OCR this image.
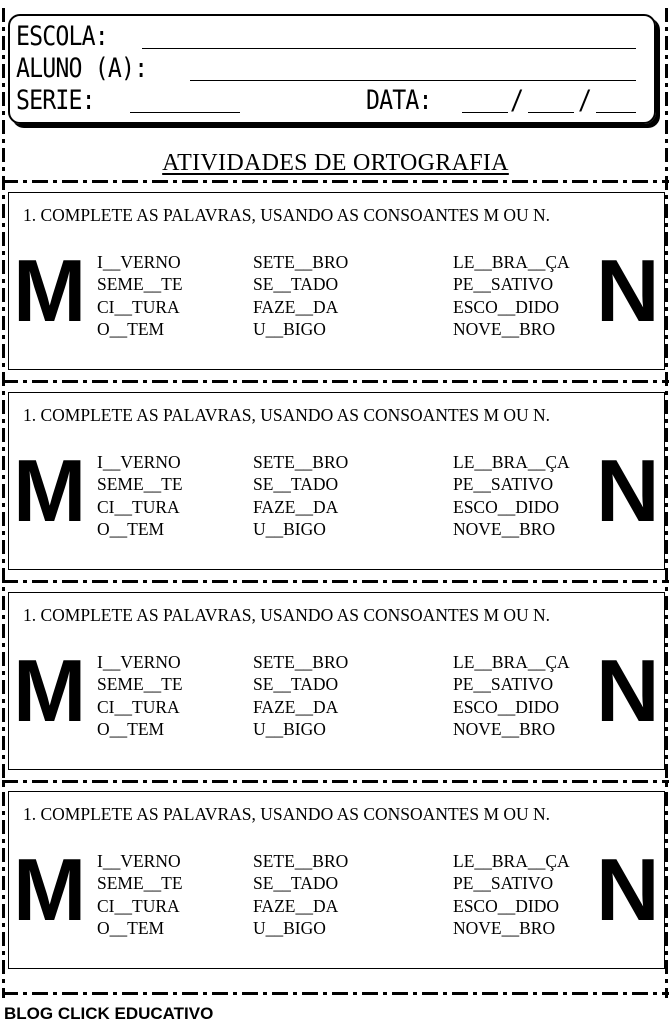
ESCOLA:
ALUNO (A):
SERIE:	DATA:	/ /
ATIVIDADES DE ORTOGRAFIA
1. COMPLETE AS PALAVRAS, USANDO AS CONSOANTES M OU N.
M	N
I__VERNO
SEME__TE
CI__TURA
O__TEM
SETE__BRO
SE__TADO
FAZE__DA
U__BIGO
LE__BRA__ÇA
PE__SATIVO
ESCO__DIDO
NOVE__BRO
1. COMPLETE AS PALAVRAS, USANDO AS CONSOANTES M OU N.
M	N
I__VERNO
SEME__TE
CI__TURA
O__TEM
SETE__BRO
SE__TADO
FAZE__DA
U__BIGO
LE__BRA__ÇA
PE__SATIVO
ESCO__DIDO
NOVE__BRO
1. COMPLETE AS PALAVRAS, USANDO AS CONSOANTES M OU N.
M	N
I__VERNO
SEME__TE
CI__TURA
O__TEM
SETE__BRO
SE__TADO
FAZE__DA
U__BIGO
LE__BRA__ÇA
PE__SATIVO
ESCO__DIDO
NOVE__BRO
1. COMPLETE AS PALAVRAS, USANDO AS CONSOANTES M OU N.
M	N
I__VERNO
SEME__TE
CI__TURA
O__TEM
SETE__BRO
SE__TADO
FAZE__DA
U__BIGO
LE__BRA__ÇA
PE__SATIVO
ESCO__DIDO
NOVE__BRO
BLOG CLICK EDUCATIVO
